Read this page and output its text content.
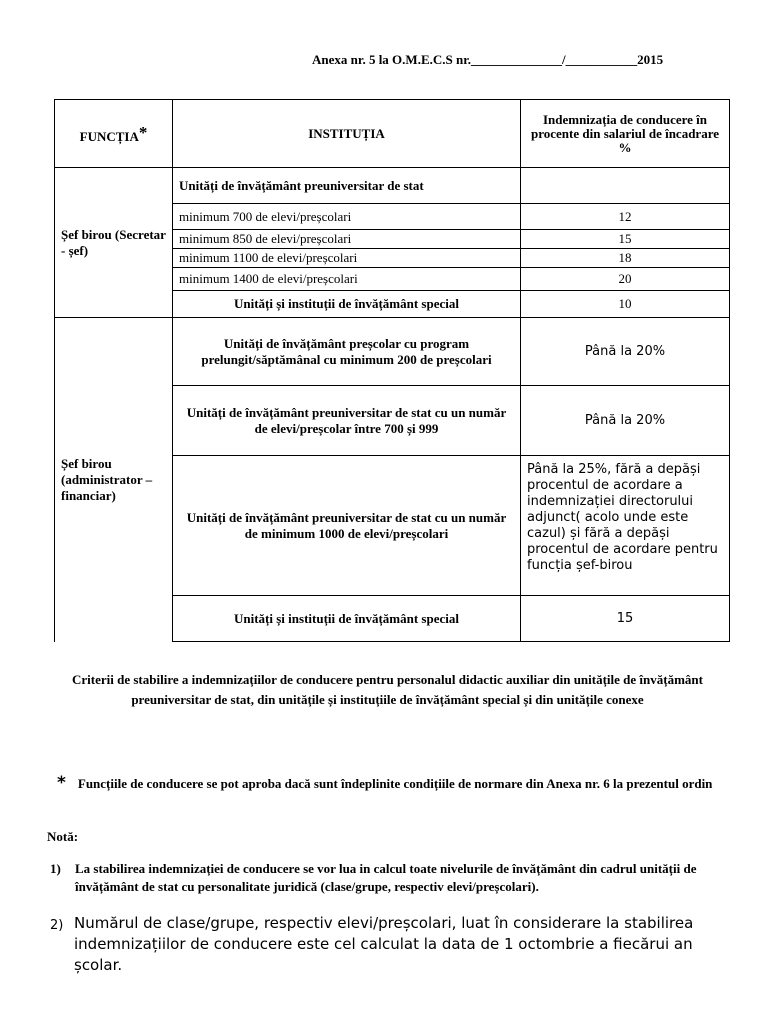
Anexa nr. 5 la O.M.E.C.S nr.______________/___________2015
FUNCȚIA*	INSTITUȚIA	Indemnizația de conducere în procente din salariul de încadrare
%

Șef birou (Secretar - șef)	Unități de învățământ preuniversitar de stat	
	minimum 700 de elevi/preșcolari	12
	minimum 850 de elevi/preșcolari	15
	minimum 1100 de elevi/preșcolari	18
	minimum 1400 de elevi/preșcolari	20
	Unități și instituții de învățământ special	10
Șef birou (administrator – financiar)	Unități de învățământ preșcolar cu program prelungit/săptămânal cu minimum 200 de preșcolari	Până la 20%
	Unități de învățământ preuniversitar de stat cu un număr de elevi/preșcolar între 700 și 999	Până la 20%
	Unități de învățământ preuniversitar de stat cu un număr de minimum 1000 de elevi/preșcolari	Până la 25%, fără a depăși procentul de acordare a indemnizației directorului adjunct( acolo unde este cazul) și fără a depăși procentul de acordare pentru funcția șef-birou
	Unități și instituții de învățământ special	15
Criterii de stabilire a indemnizațiilor de conducere pentru personalul didactic auxiliar din unitățile de învățământ preuniversitar de stat, din unitățile și instituțiile de învățământ special și din unitățile conexe
* Funcțiile de conducere se pot aproba dacă sunt îndeplinite condițiile de normare din Anexa nr. 6 la prezentul ordin
Notă:
1) La stabilirea indemnizației de conducere se vor lua in calcul toate nivelurile de învățământ din cadrul unității de învățământ de stat cu personalitate juridică (clase/grupe, respectiv elevi/preșcolari).
2) Numărul de clase/grupe, respectiv elevi/preșcolari, luat în considerare la stabilirea indemnizațiilor de conducere este cel calculat la data de 1 octombrie a fiecărui an școlar.
